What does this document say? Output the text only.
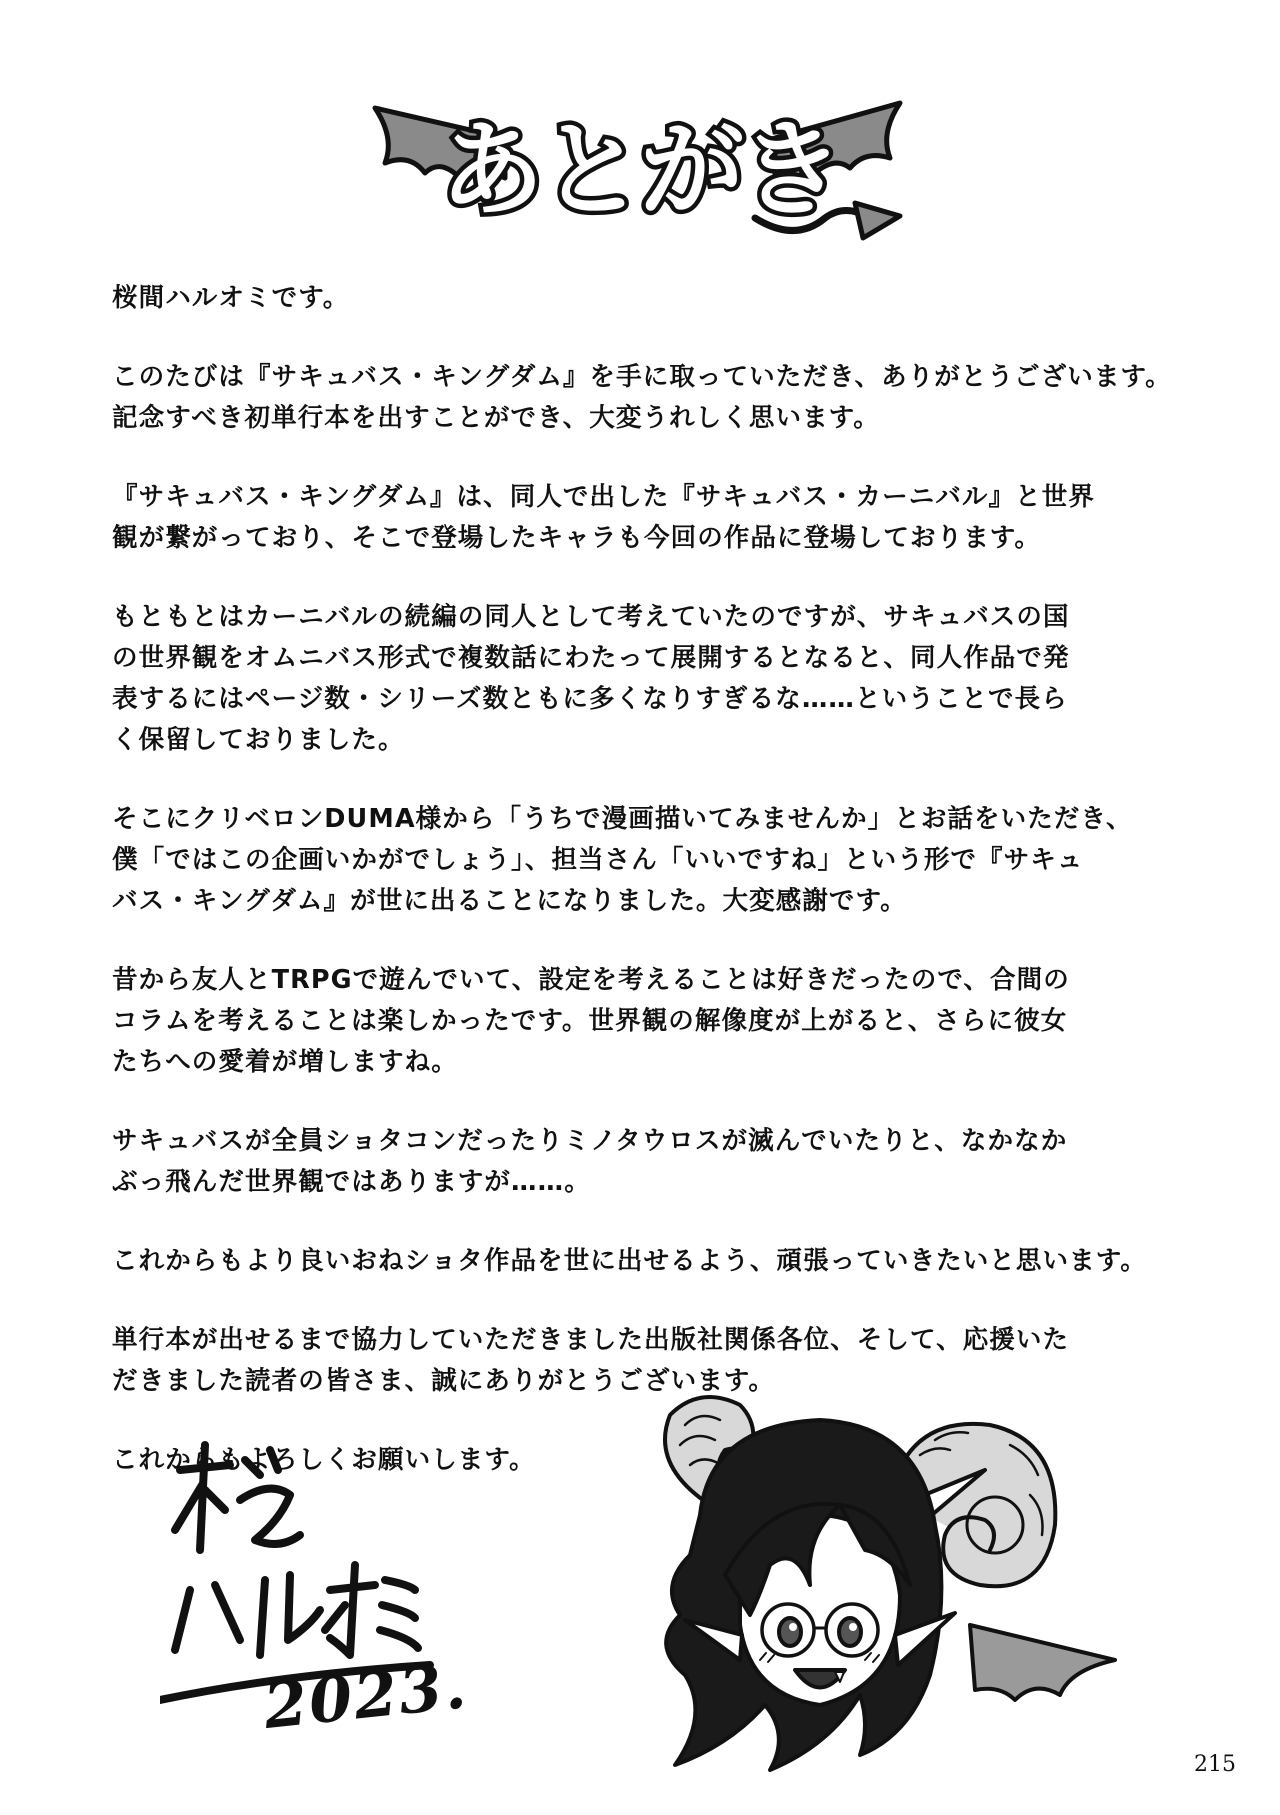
あとがき

桜間ハルオミです。

このたびは『サキュバス・キングダム』を手に取っていただき、ありがとうございます。
記念すべき初単行本を出すことができ、大変うれしく思います。

『サキュバス・キングダム』は、同人で出した『サキュバス・カーニバル』と世界
観が繋がっており、そこで登場したキャラも今回の作品に登場しております。

もともとはカーニバルの続編の同人として考えていたのですが、サキュバスの国
の世界観をオムニバス形式で複数話にわたって展開するとなると、同人作品で発
表するにはページ数・シリーズ数ともに多くなりすぎるな……ということで長ら
く保留しておりました。

そこにクリベロンDUMA様から「うちで漫画描いてみませんか」とお話をいただき、
僕「ではこの企画いかがでしょう」、担当さん「いいですね」という形で『サキュ
バス・キングダム』が世に出ることになりました。大変感謝です。

昔から友人とTRPGで遊んでいて、設定を考えることは好きだったので、合間の
コラムを考えることは楽しかったです。世界観の解像度が上がると、さらに彼女
たちへの愛着が増しますね。

サキュバスが全員ショタコンだったりミノタウロスが滅んでいたりと、なかなか
ぶっ飛んだ世界観ではありますが……。

これからもより良いおねショタ作品を世に出せるよう、頑張っていきたいと思います。

単行本が出せるまで協力していただきました出版社関係各位、そして、応援いた
だきました読者の皆さま、誠にありがとうございます。

これからもよろしくお願いします。

2023.
215
